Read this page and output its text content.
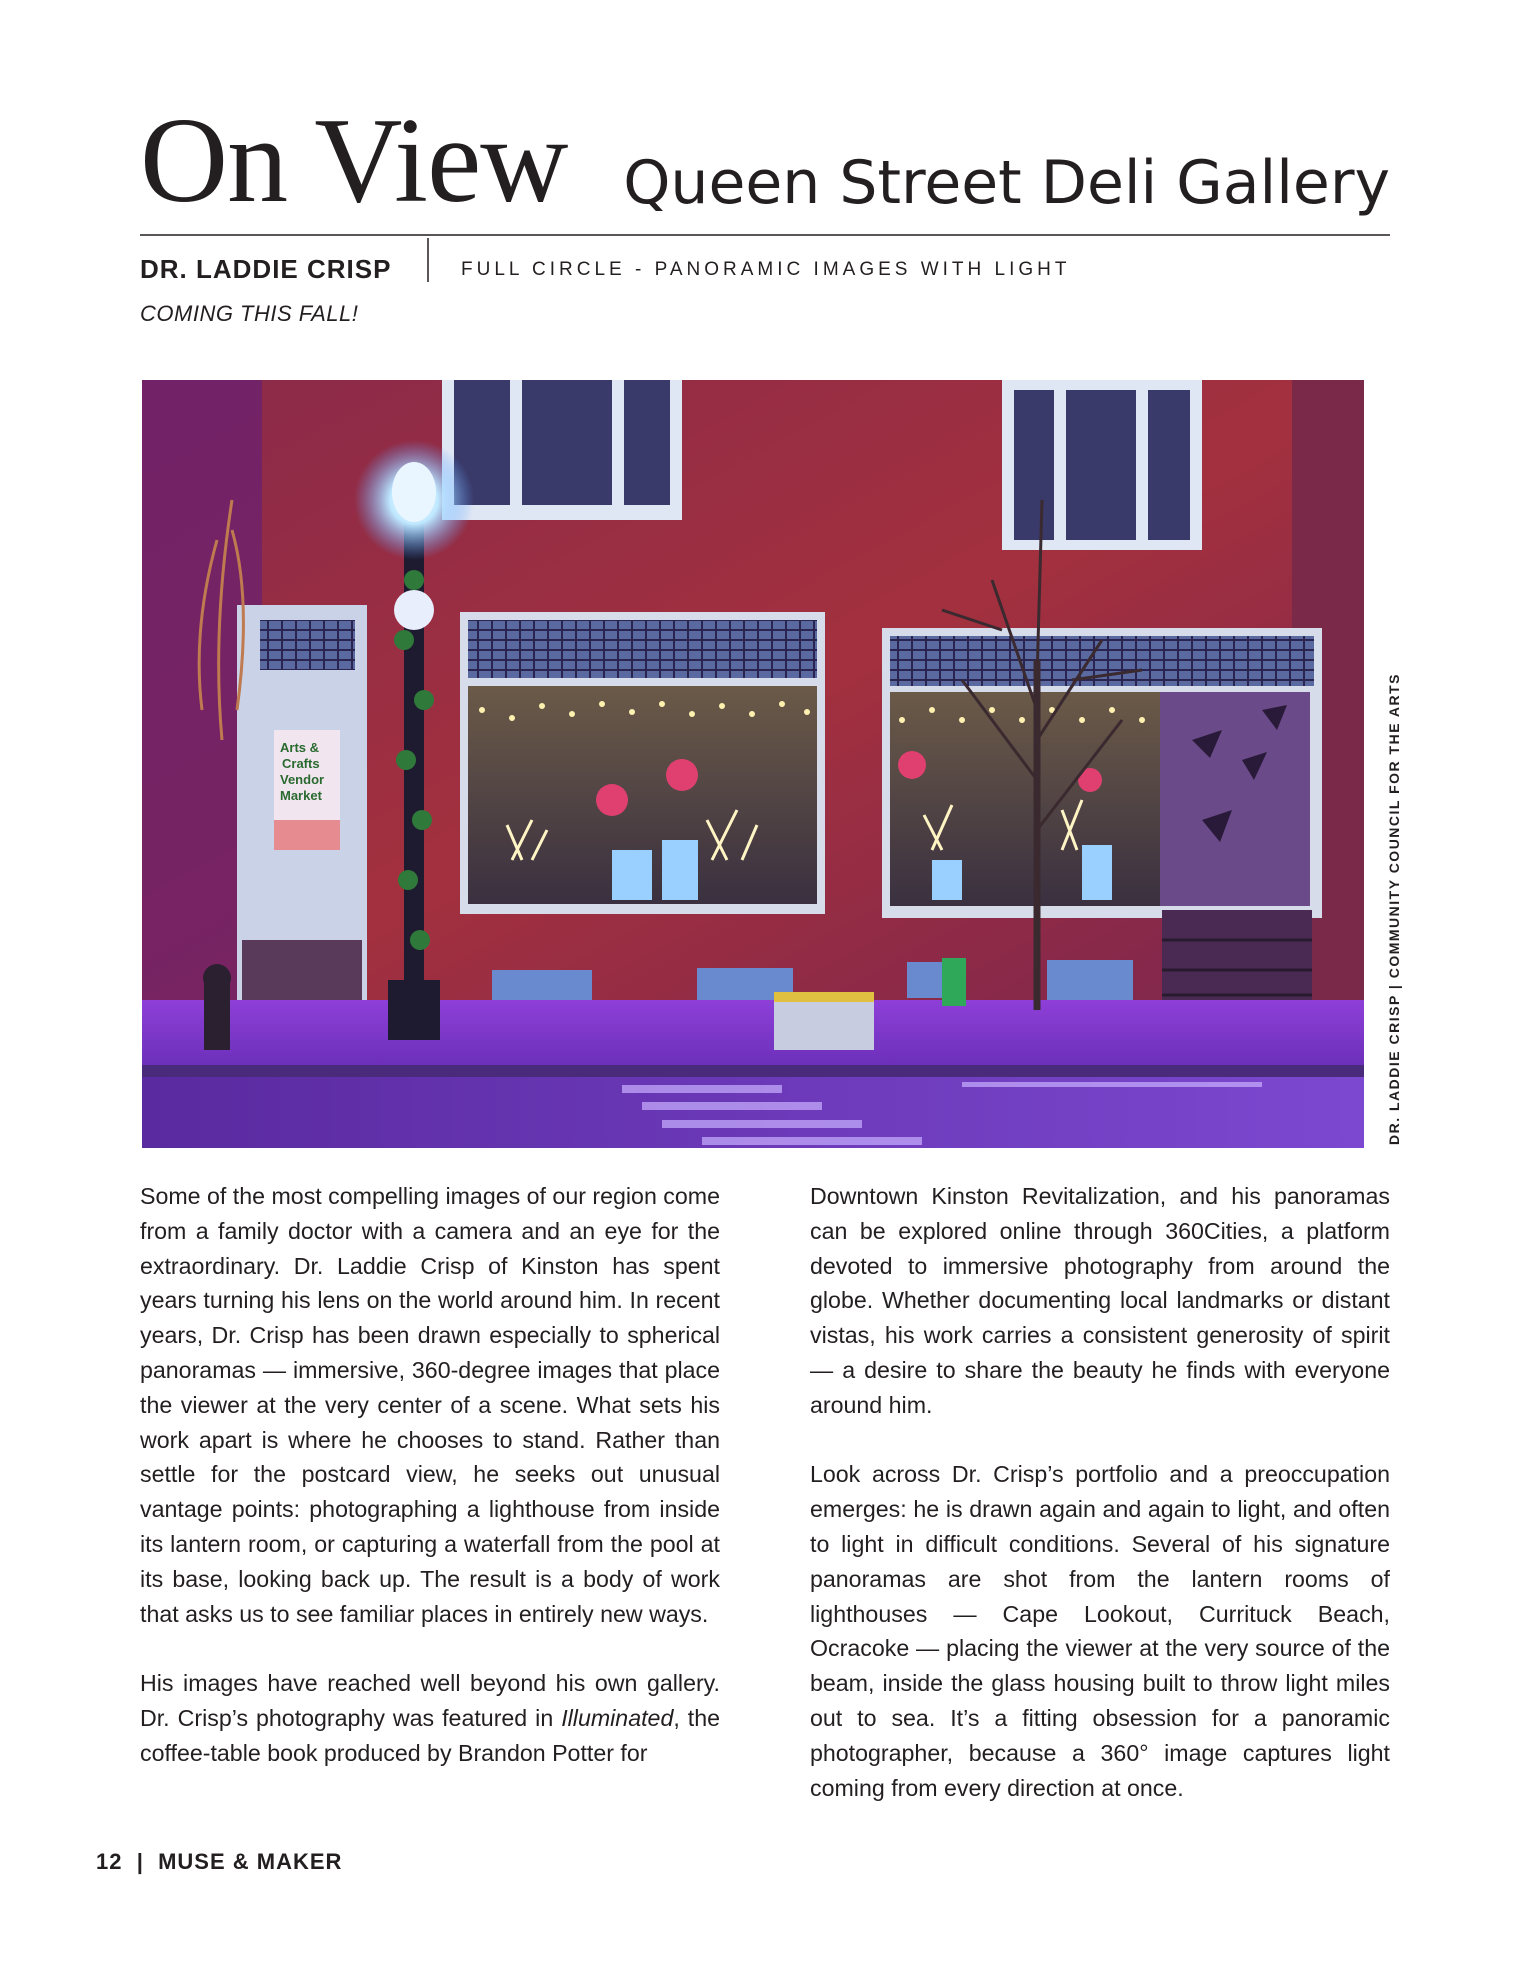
On View Queen Street Deli Gallery
DR. LADDIE CRISP	FULL CIRCLE - PANORAMIC IMAGES WITH LIGHT
COMING THIS FALL!
Arts &
Crafts
Vendor
Market	DR. LADDIE CRISP | COMMUNITY COUNCIL FOR THE ARTS

Some of the most compelling images of our region come from a family doctor with a camera and an eye for the extraordinary. Dr. Laddie Crisp of Kinston has spent years turning his lens on the world around him. In recent years, Dr. Crisp has been drawn especially to spherical panoramas — immersive, 360-degree images that place the viewer at the very center of a scene. What sets his work apart is where he chooses to stand. Rather than settle for the postcard view, he seeks out unusual vantage points: photographing a lighthouse from inside its lantern room, or capturing a waterfall from the pool at its base, looking back up. The result is a body of work that asks us to see familiar places in entirely new ways.

His images have reached well beyond his own gallery. Dr. Crisp’s photography was featured in Illuminated, the coffee-table book produced by Brandon Potter for

Downtown Kinston Revitalization, and his panoramas can be explored online through 360Cities, a platform devoted to immersive photography from around the globe. Whether documenting local landmarks or distant vistas, his work carries a consistent generosity of spirit — a desire to share the beauty he finds with everyone around him.

Look across Dr. Crisp’s portfolio and a preoccupation emerges: he is drawn again and again to light, and often to light in difficult conditions. Several of his signature panoramas are shot from the lantern rooms of lighthouses — Cape Lookout, Currituck Beach, Ocracoke — placing the viewer at the very source of the beam, inside the glass housing built to throw light miles out to sea. It’s a fitting obsession for a panoramic photographer, because a 360° image captures light coming from every direction at once.

12  |  MUSE & MAKER
